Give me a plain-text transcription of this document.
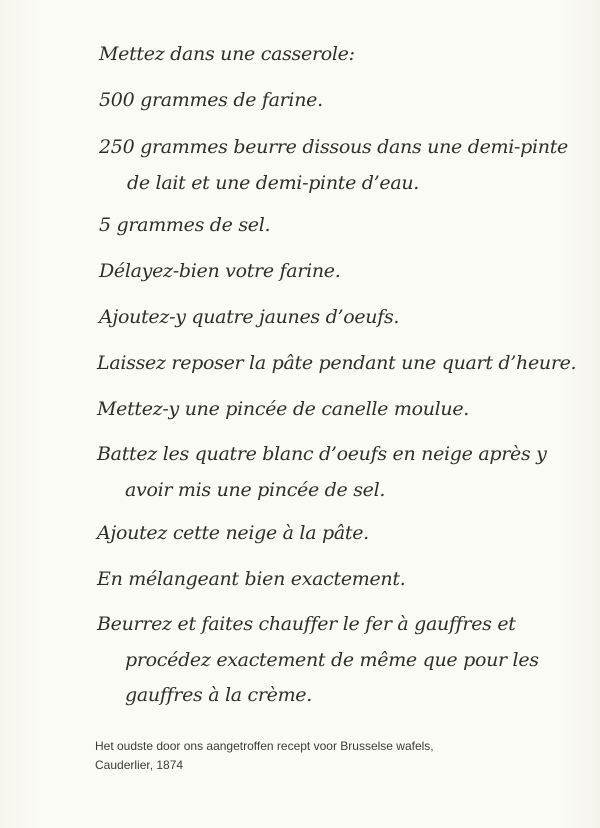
Mettez dans une casserole:
500 grammes de farine.
250 grammes beurre dissous dans une demi-pinte
de lait et une demi-pinte d’eau.
5 grammes de sel.
Délayez-bien votre farine.
Ajoutez-y quatre jaunes d’oeufs.
Laissez reposer la pâte pendant une quart d’heure.
Mettez-y une pincée de canelle moulue.
Battez les quatre blanc d’oeufs en neige après y
avoir mis une pincée de sel.
Ajoutez cette neige à la pâte.
En mélangeant bien exactement.
Beurrez et faites chauffer le fer à gauffres et
procédez exactement de même que pour les
gauffres à la crème.
Het oudste door ons aangetroffen recept voor Brusselse wafels,
Cauderlier, 1874
